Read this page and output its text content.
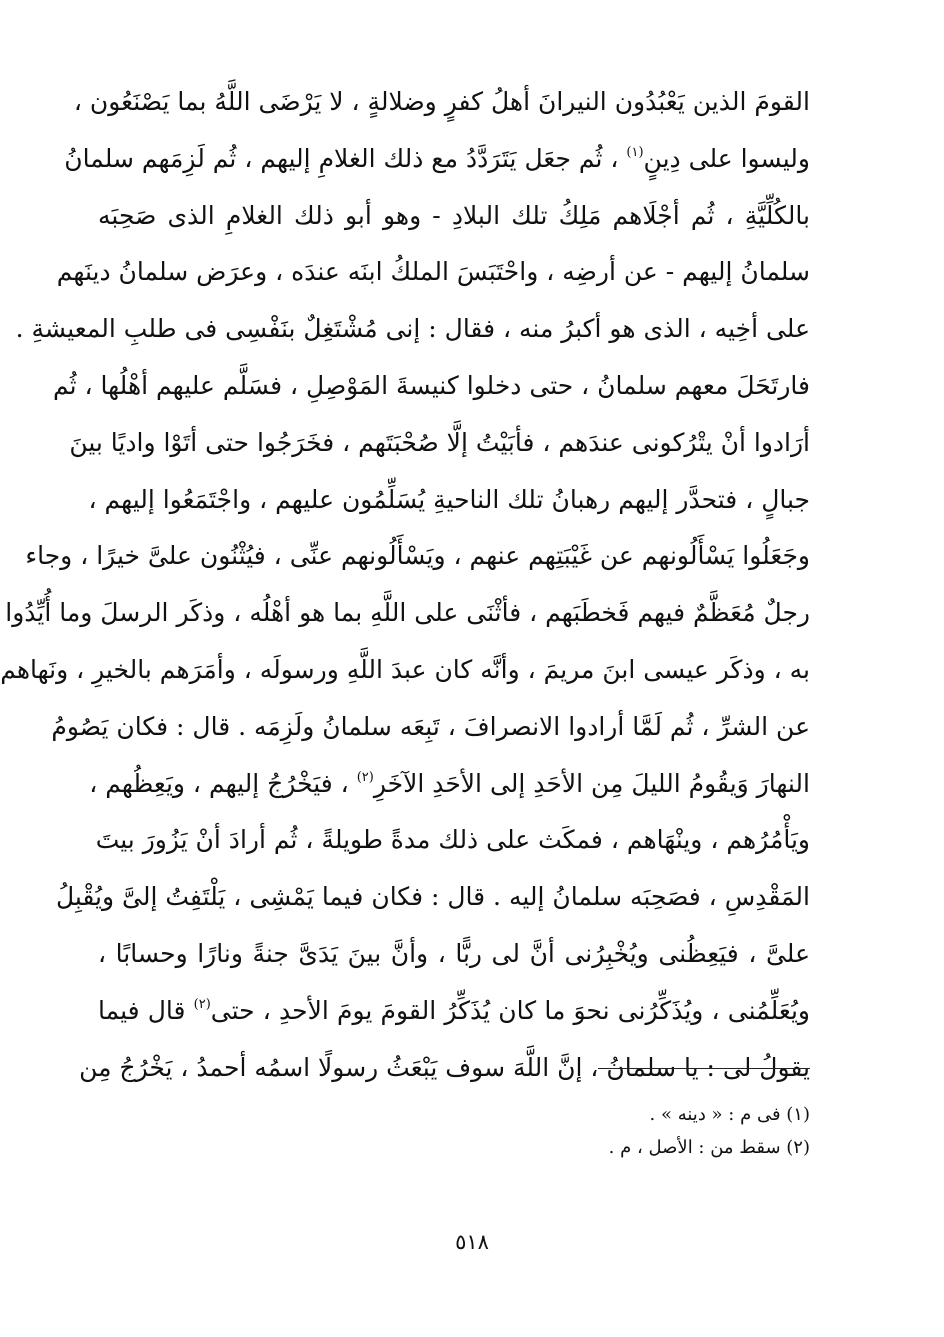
القومَ الذين يَعْبُدُون النيرانَ أهلُ كفرٍ وضلالةٍ ، لا يَرْضَى اللَّهُ بما يَصْنَعُون ،
وليسوا على دِينٍ$^{(١)}$ ، ثُم جعَل يَتَرَدَّدُ مع ذلك الغلامِ إليهم ، ثُم لَزِمَهم سلمانُ
بالكُلِّيَّةِ ، ثُم أجْلَاهم مَلِكُ تلك البلادِ - وهو أبو ذلك الغلامِ الذى صَحِبَه
سلمانُ إليهم - عن أرضِه ، واحْتَبَسَ الملكُ ابنَه عندَه ، وعرَض سلمانُ دينَهم
على أخِيه ، الذى هو أكبرُ منه ، فقال : إنى مُشْتَغِلٌ بنَفْسِى فى طلبِ المعيشةِ .
فارتَحَلَ معهم سلمانُ ، حتى دخلوا كنيسةَ المَوْصِلِ ، فسَلَّم عليهم أهْلُها ، ثُم
أرَادوا أنْ يتْرُكونى عندَهم ، فأبَيْتُ إلَّا صُحْبَتَهم ، فخَرَجُوا حتى أتَوْا واديًا بينَ
جبالٍ ، فتحدَّر إليهم رهبانُ تلك الناحيةِ يُسَلِّمُون عليهم ، واجْتَمَعُوا إليهم ،
وجَعَلُوا يَسْأَلُونهم عن غَيْبَتِهم عنهم ، ويَسْأَلُونهم عنِّى ، فيُثْنُون علىَّ خيرًا ، وجاء
رجلٌ مُعَظَّمٌ فيهم فَخطَبَهم ، فأثْنَى على اللَّهِ بما هو أهْلُه ، وذكَر الرسلَ وما أُيِّدُوا
به ، وذكَر عيسى ابنَ مريمَ ، وأنَّه كان عبدَ اللَّهِ ورسولَه ، وأمَرَهم بالخيرِ ، ونَهاهم
عن الشرِّ ، ثُم لَمَّا أرادوا الانصرافَ ، تَبِعَه سلمانُ ولَزِمَه . قال : فكان يَصُومُ
النهارَ وَيقُومُ الليلَ مِن الأحَدِ إلى الأحَدِ الآخَرِ$^{(٢)}$ ، فيَخْرُجُ إليهم ، ويَعِظُهم ،
ويَأْمُرُهم ، وينْهَاهم ، فمكَث على ذلك مدةً طويلةً ، ثُم أرادَ أنْ يَزُورَ بيتَ
المَقْدِسِ ، فصَحِبَه سلمانُ إليه . قال : فكان فيما يَمْشِى ، يَلْتَفِتُ إلىَّ ويُقْبِلُ
علىَّ ، فيَعِظُنى ويُخْبِرُنى أنَّ لى ربًّا ، وأنَّ بينَ يَدَىَّ جنةً ونارًا وحسابًا ،
ويُعَلِّمُنى ، ويُذَكِّرُنى نحوَ ما كان يُذَكِّرُ القومَ يومَ الأحدِ ، حتى$^{(٢)}$ قال فيما
يقولُ لى : يا سلمانُ ، إنَّ اللَّهَ سوف يَبْعَثُ رسولًا اسمُه أحمدُ ، يَخْرُجُ مِن
(١) فى م : « دينه » .
(٢) سقط من : الأصل ، م .
٥١٨
